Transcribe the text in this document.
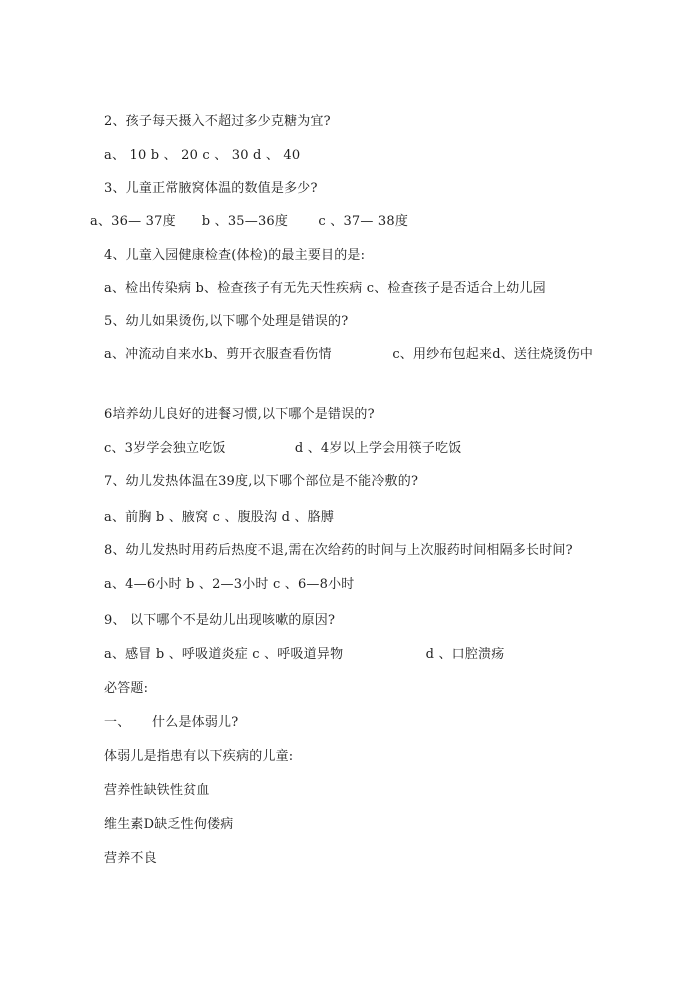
2、孩子每天摄入不超过多少克糖为宜?
a、 10 b 、 20 c 、 30 d 、 40
3、儿童正常腋窝体温的数值是多少?
a、36— 37度      b 、35—36度       c 、37— 38度
4、儿童入园健康检查(体检)的最主要目的是:
a、检出传染病 b、检查孩子有无先天性疾病 c、检查孩子是否适合上幼儿园
5、幼儿如果烫伤,以下哪个处理是错误的?
a、冲流动自来水b、剪开衣服查看伤情              c、用纱布包起来d、送往烧烫伤中
6培养幼儿良好的进餐习惯,以下哪个是错误的?
c、3岁学会独立吃饭                d 、4岁以上学会用筷子吃饭
7、幼儿发热体温在39度,以下哪个部位是不能冷敷的?
a、前胸 b 、腋窝 c 、腹股沟 d 、胳膊
8、幼儿发热时用药后热度不退,需在次给药的时间与上次服药时间相隔多长时间?
a、4—6小时 b 、2—3小时 c 、6—8小时
9、 以下哪个不是幼儿出现咳嗽的原因?
a、感冒 b 、呼吸道炎症 c 、呼吸道异物                   d 、口腔溃疡
必答题:
一、     什么是体弱儿?
体弱儿是指患有以下疾病的儿童:
营养性缺铁性贫血
维生素D缺乏性佝偻病
营养不良
